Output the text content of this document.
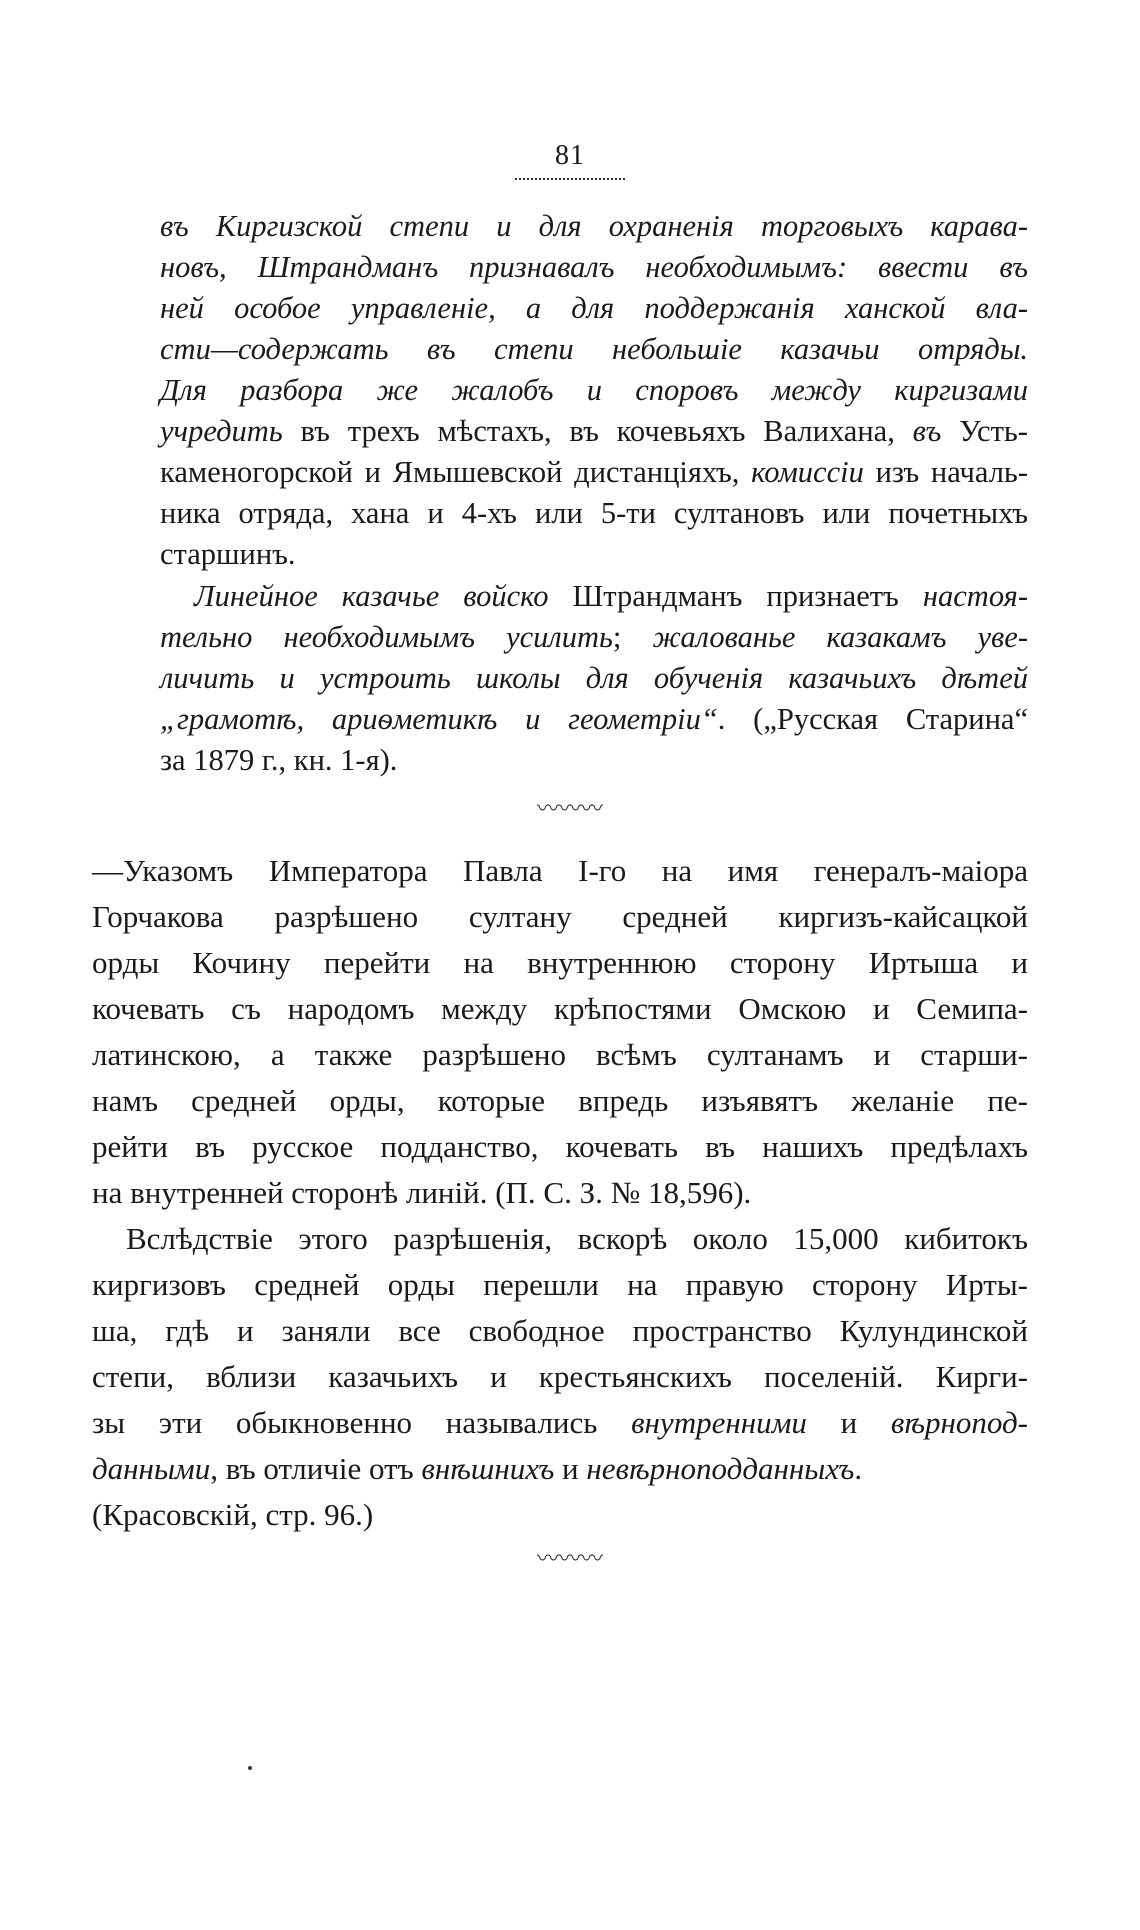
81
въ Киргизской степи и для охраненія торговыхъ карава-
новъ, Штрандманъ признавалъ необходимымъ: ввести въ
ней особое управленіе, а для поддержанія ханской вла-
сти—содержать въ степи небольшіе казачьи отряды.
Для разбора же жалобъ и споровъ между киргизами
учредить въ трехъ мѣстахъ, въ кочевьяхъ Валихана, въ Усть-
каменогорской и Ямышевской дистанціяхъ, комиссіи изъ началь-
ника отряда, хана и 4-хъ или 5-ти султановъ или почетныхъ
старшинъ.
Линейное казачье войско Штрандманъ признаетъ настоя-
тельно необходимымъ усилить; жалованье казакамъ уве-
личить и устроить школы для обученія казачьихъ дѣтей
„грамотѣ, ариѳметикѣ и геометріи“. („Русская Старина“
за 1879 г., кн. 1-я).
〰〰〰
—Указомъ Императора Павла I-го на имя генералъ-маіора
Горчакова разрѣшено султану средней киргизъ-кайсацкой
орды Кочину перейти на внутреннюю сторону Иртыша и
кочевать съ народомъ между крѣпостями Омскою и Семипа-
латинскою, а также разрѣшено всѣмъ султанамъ и старши-
намъ средней орды, которые впредь изъявятъ желаніе пе-
рейти въ русское подданство, кочевать въ нашихъ предѣлахъ
на внутренней сторонѣ линій. (П. С. З. № 18,596).
Вслѣдствіе этого разрѣшенія, вскорѣ около 15,000 кибитокъ
киргизовъ средней орды перешли на правую сторону Ирты-
ша, гдѣ и заняли все свободное пространство Кулундинской
степи, вблизи казачьихъ и крестьянскихъ поселеній. Кирги-
зы эти обыкновенно назывались внутренними и вѣрнопод-
данными, въ отличіе отъ внѣшнихъ и невѣрноподданныхъ.
(Красовскій, стр. 96.)
〰〰〰
